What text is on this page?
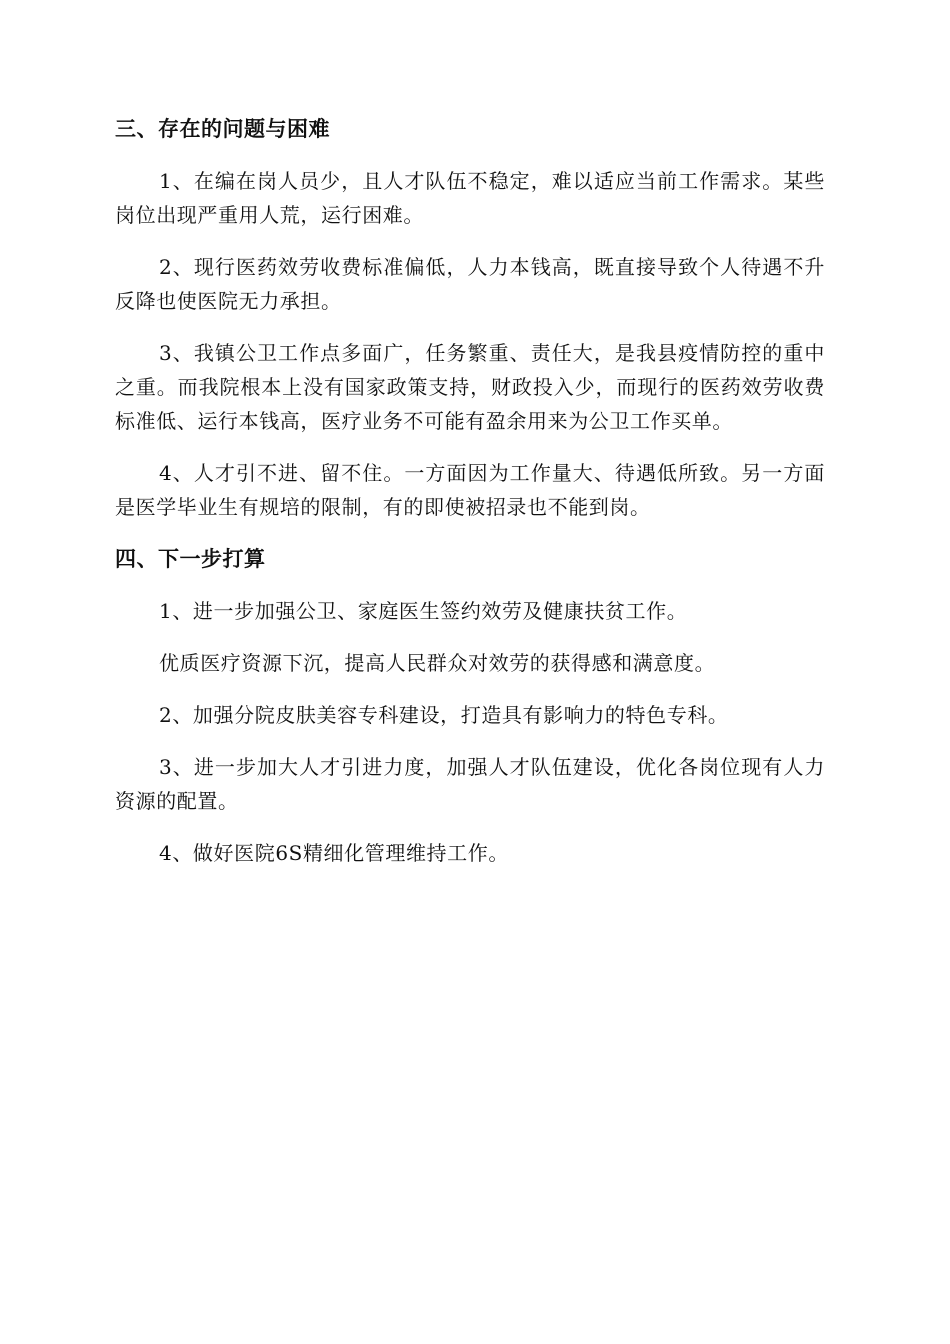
三、存在的问题与困难

1、在编在岗人员少，且人才队伍不稳定，难以适应当前工作需求。某些岗位出现严重用人荒，运行困难。

2、现行医药效劳收费标准偏低，人力本钱高，既直接导致个人待遇不升反降也使医院无力承担。

3、我镇公卫工作点多面广，任务繁重、责任大，是我县疫情防控的重中之重。而我院根本上没有国家政策支持，财政投入少，而现行的医药效劳收费标准低、运行本钱高，医疗业务不可能有盈余用来为公卫工作买单。

4、人才引不进、留不住。一方面因为工作量大、待遇低所致。另一方面是医学毕业生有规培的限制，有的即使被招录也不能到岗。

四、下一步打算

1、进一步加强公卫、家庭医生签约效劳及健康扶贫工作。

优质医疗资源下沉，提高人民群众对效劳的获得感和满意度。

2、加强分院皮肤美容专科建设，打造具有影响力的特色专科。

3、进一步加大人才引进力度，加强人才队伍建设，优化各岗位现有人力资源的配置。

4、做好医院6S精细化管理维持工作。
